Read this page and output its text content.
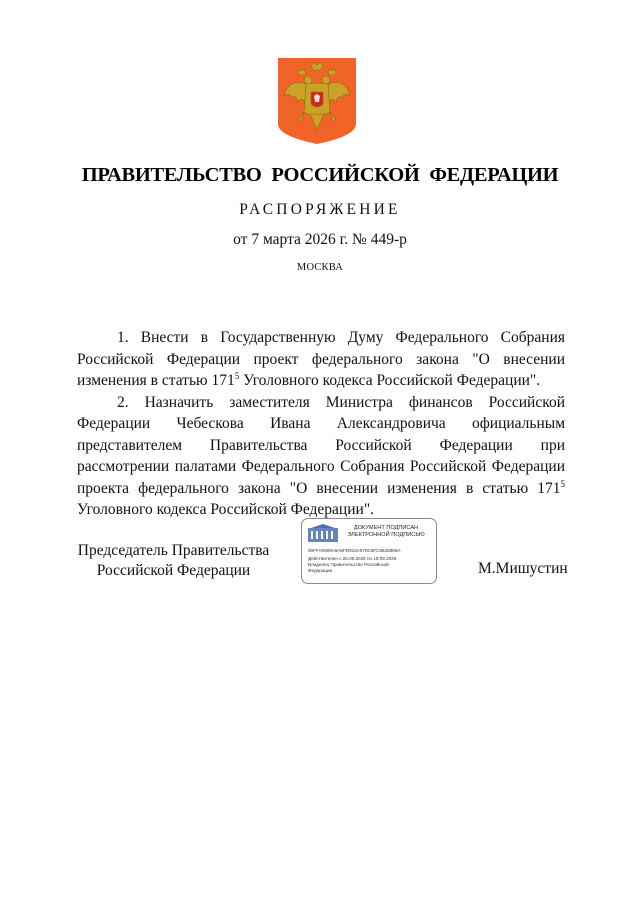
ПРАВИТЕЛЬСТВО РОССИЙСКОЙ ФЕДЕРАЦИИ
РАСПОРЯЖЕНИЕ
от 7 марта 2026 г. № 449-р
МОСКВА

1. Внести в Государственную Думу Федерального Собрания Российской Федерации проект федерального закона "О внесении изменения в статью $171^5$ Уголовного кодекса Российской Федерации".

2. Назначить заместителя Министра финансов Российской Федерации Чебескова Ивана Александровича официальным представителем Правительства Российской Федерации при рассмотрении палатами Федерального Собрания Российской Федерации проекта федерального закона "О внесении изменения в статью $171^5$ Уголовного кодекса Российской Федерации".

Председатель Правительства
Российской Федерации
ДОКУМЕНТ ПОДПИСАН
ЭЛЕКТРОННОЙ ПОДПИСЬЮ
00FFA0909A6A6FD915A579C5FC8625865A
Действителен с 26.06.2025 по 19.09.2026
Владелец Правительство Российской
Федерации	М.Мишустин
